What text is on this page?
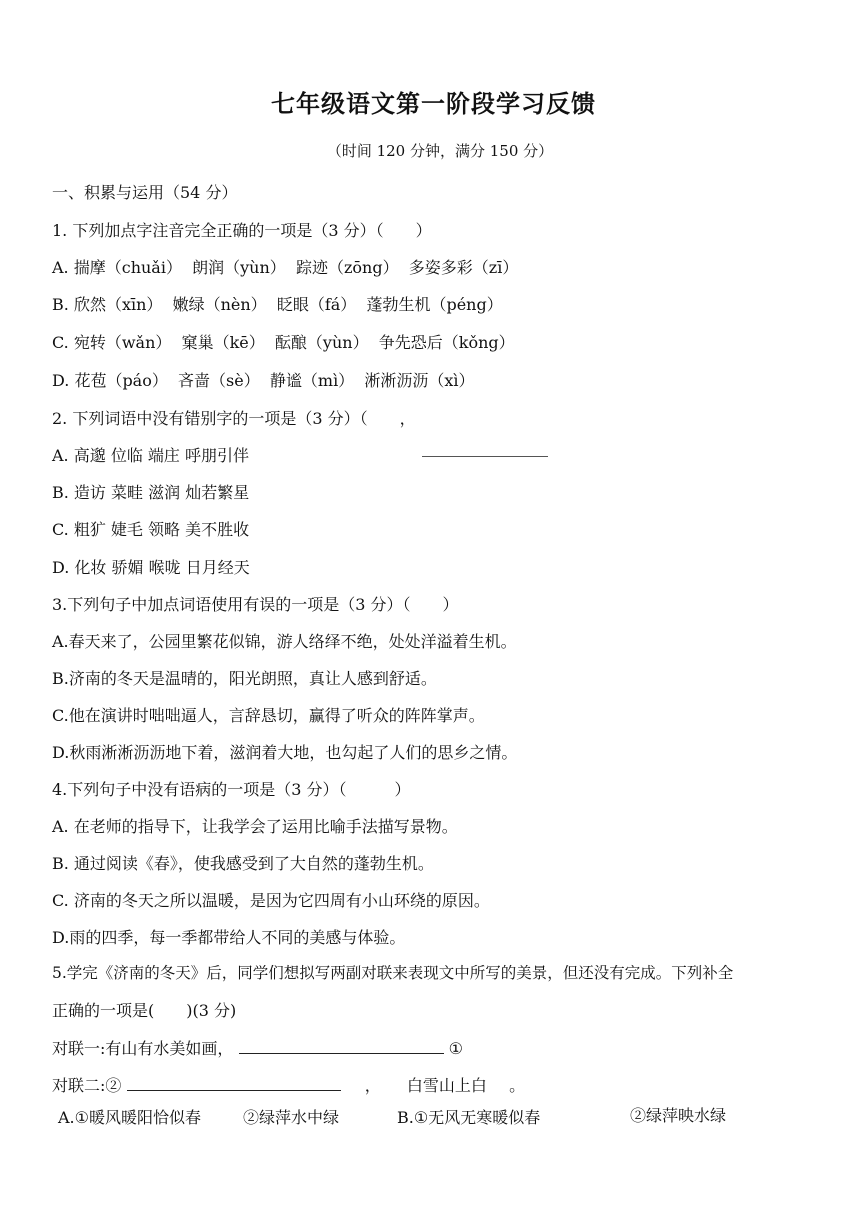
七年级语文第一阶段学习反馈
（时间 120 分钟，满分 150 分）
一、积累与运用（54 分）
1. 下列加点字注音完全正确的一项是（3 分）（　　）
A. 揣摩（chuǎi） 朗润（yùn） 踪迹（zōng） 多姿多彩（zī）
B. 欣然（xīn） 嫩绿（nèn） 眨眼（fá） 蓬勃生机（péng）
C. 宛转（wǎn） 窠巢（kē） 酝酿（yùn） 争先恐后（kǒng）
D. 花苞（páo） 吝啬（sè） 静谧（mì） 淅淅沥沥（xì）
2. 下列词语中没有错别字的一项是（3 分）（　　，
A. 高邈 位临 端庄 呼朋引伴
B. 造访 菜畦 滋润 灿若繁星
C. 粗犷 婕毛 领略 美不胜收
D. 化妆 骄媚 喉咙 日月经天
3.下列句子中加点词语使用有误的一项是（3 分）（　　）
A.春天来了，公园里繁花似锦，游人络绎不绝，处处洋溢着生机。
B.济南的冬天是温晴的，阳光朗照，真让人感到舒适。
C.他在演讲时咄咄逼人，言辞恳切，赢得了听众的阵阵掌声。
D.秋雨淅淅沥沥地下着，滋润着大地，也勾起了人们的思乡之情。
4.下列句子中没有语病的一项是（3 分）（　　　）
A. 在老师的指导下，让我学会了运用比喻手法描写景物。
B. 通过阅读《春》，使我感受到了大自然的蓬勃生机。
C. 济南的冬天之所以温暖，是因为它四周有小山环绕的原因。
D.雨的四季，每一季都带给人不同的美感与体验。
5.学完《济南的冬天》后，同学们想拟写两副对联来表现文中所写的美景，但还没有完成。下列补全
正确的一项是(　　)(3 分)
对联一:有山有水美如画，	①
对联二:②	， 白雪山上白 。
A.①暖风暖阳恰似春	②绿萍水中绿	B.①无风无寒暖似春	②绿萍映水绿
